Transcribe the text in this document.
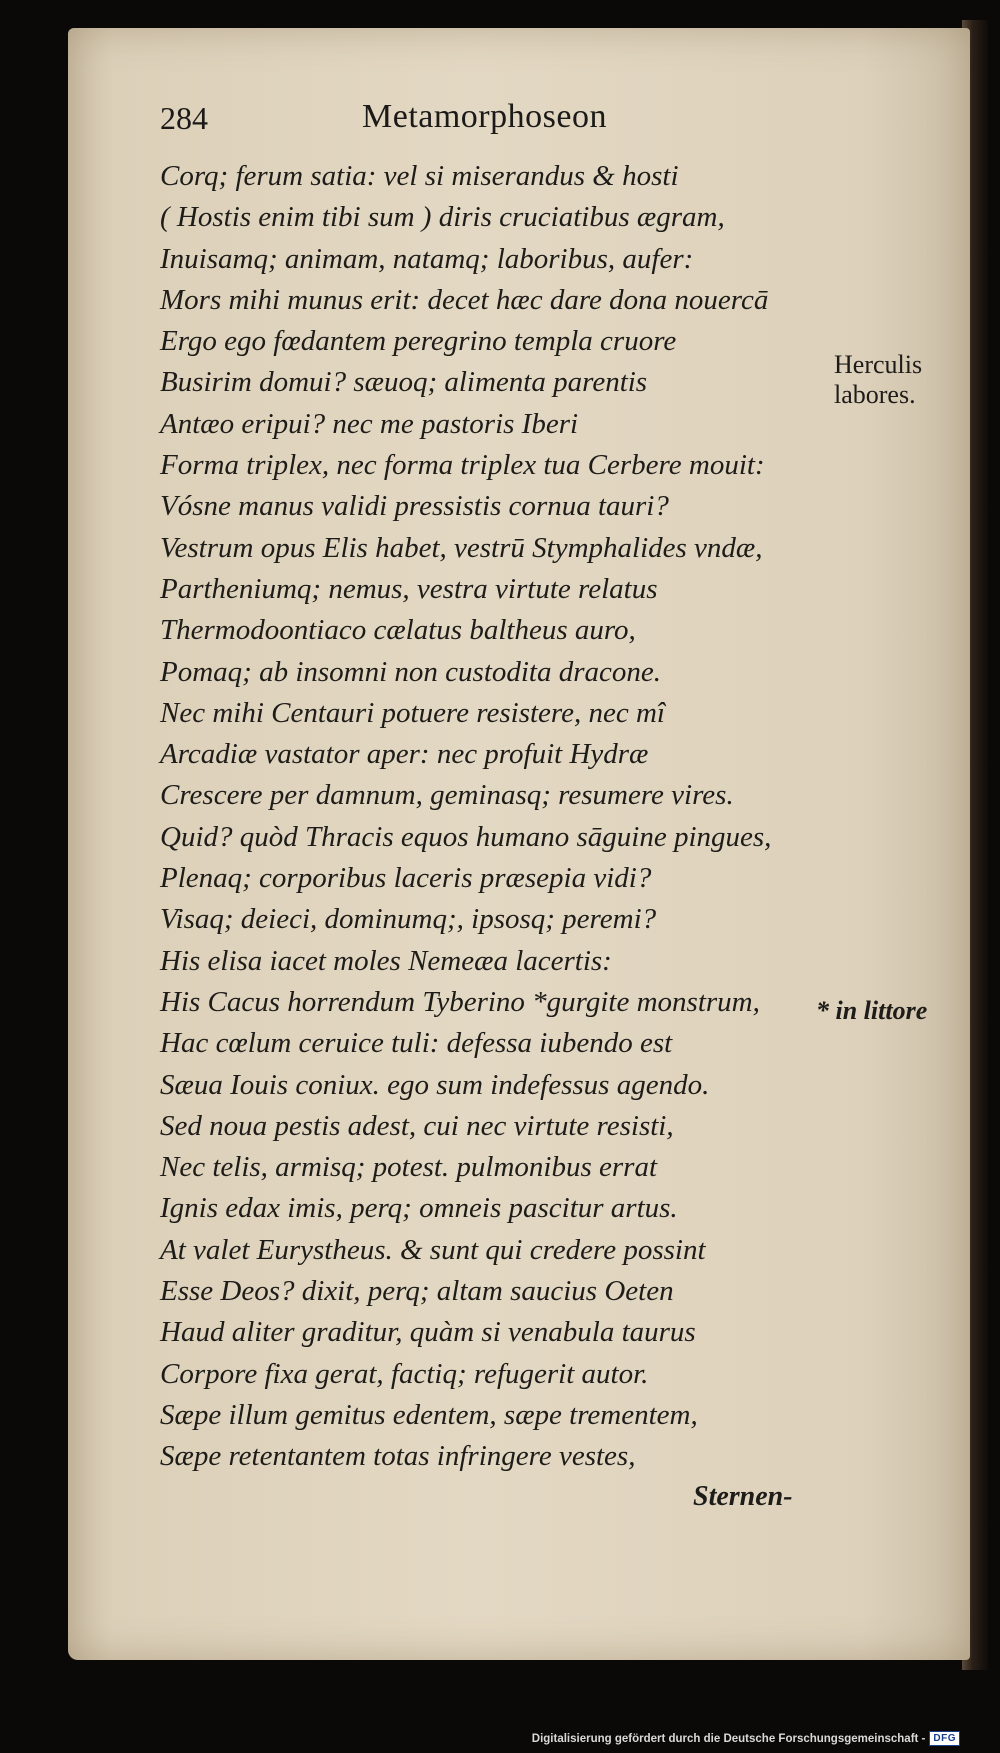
284	Metamorphoseon
Corq; ferum satia: vel si miserandus & hosti
( Hostis enim tibi sum ) diris cruciatibus ægram,
Inuisamq; animam, natamq; laboribus, aufer:
Mors mihi munus erit: decet hæc dare dona nouercā
Ergo ego fœdantem peregrino templa cruore
Busirim domui? sæuoq; alimenta parentis
Antæo eripui? nec me pastoris Iberi
Forma triplex, nec forma triplex tua Cerbere mouit:
Vósne manus validi pressistis cornua tauri?
Vestrum opus Elis habet, vestrū Stymphalides vndæ,
Partheniumq; nemus, vestra virtute relatus
Thermodoontiaco cælatus baltheus auro,
Pomaq; ab insomni non custodita dracone.
Nec mihi Centauri potuere resistere, nec mî
Arcadiæ vastator aper: nec profuit Hydræ
Crescere per damnum, geminasq; resumere vires.
Quid? quòd Thracis equos humano sāguine pingues,
Plenaq; corporibus laceris præsepia vidi?
Visaq; deieci, dominumq;, ipsosq; peremi?
His elisa iacet moles Nemeæa lacertis:
His Cacus horrendum Tyberino *gurgite monstrum,
Hac cœlum ceruice tuli: defessa iubendo est
Sæua Iouis coniux. ego sum indefessus agendo.
Sed noua pestis adest, cui nec virtute resisti,
Nec telis, armisq; potest. pulmonibus errat
Ignis edax imis, perq; omneis pascitur artus.
At valet Eurystheus. & sunt qui credere possint
Esse Deos? dixit, perq; altam saucius Oeten
Haud aliter graditur, quàm si venabula taurus
Corpore fixa gerat, factiq; refugerit autor.
Sæpe illum gemitus edentem, sæpe trementem,
Sæpe retentantem totas infringere vestes,
Sternen-
Herculis
labores.
* in littore
Digitalisierung gefördert durch die Deutsche Forschungsgemeinschaft - DFG
